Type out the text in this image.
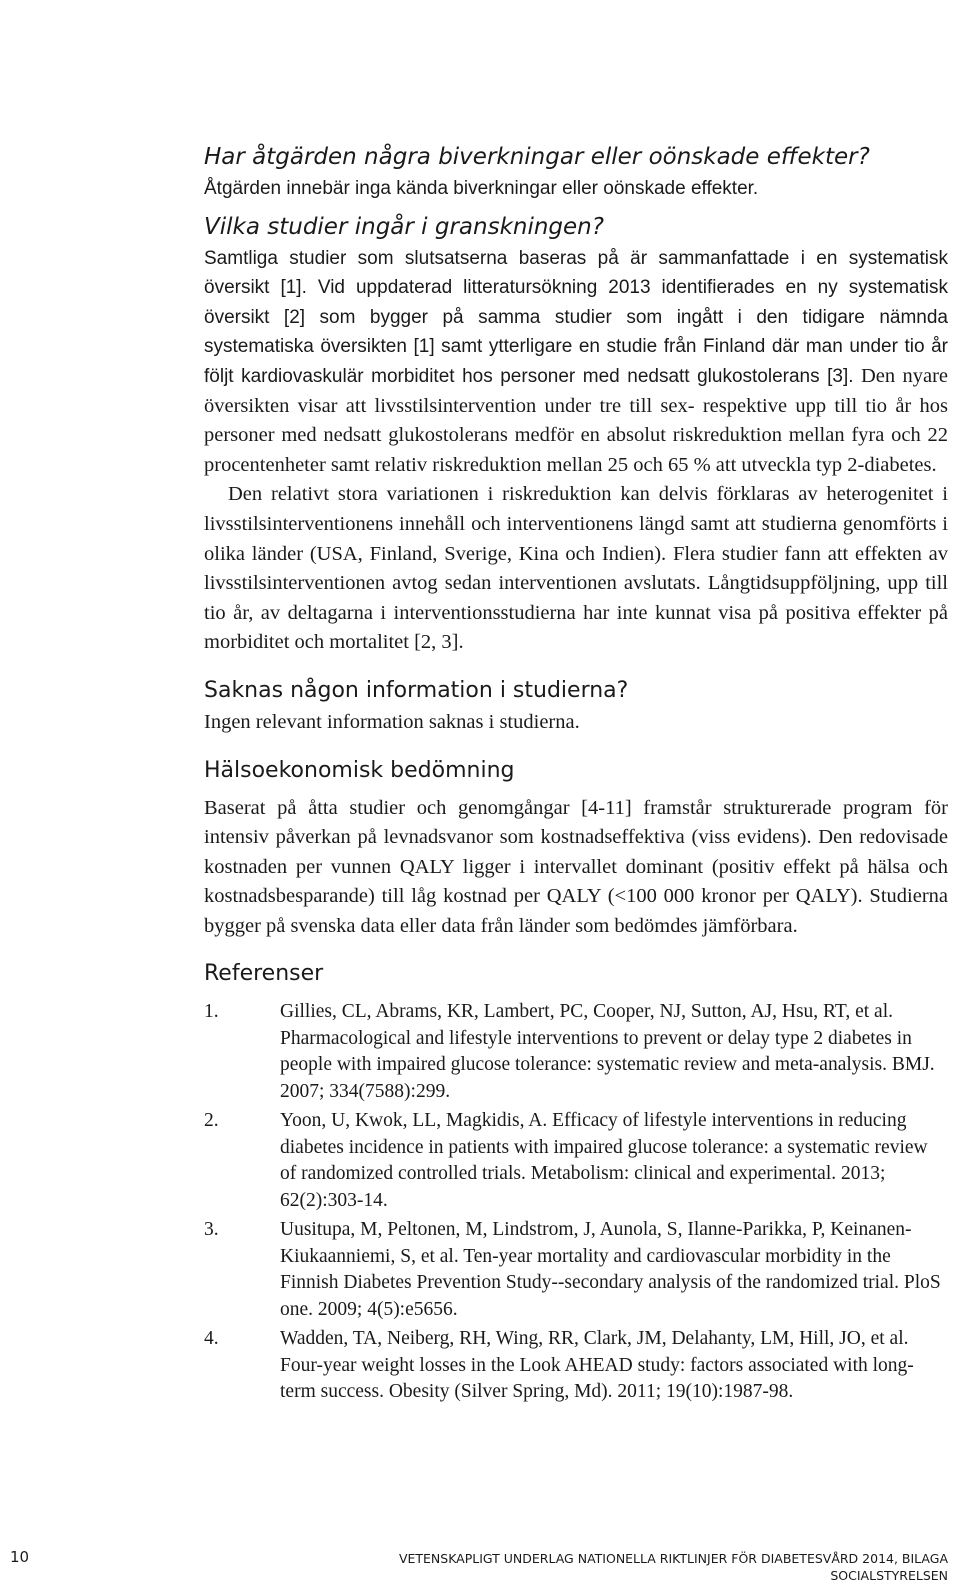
Har åtgärden några biverkningar eller oönskade effekter?

Åtgärden innebär inga kända biverkningar eller oönskade effekter.

Vilka studier ingår i granskningen?

Samtliga studier som slutsatserna baseras på är sammanfattade i en systematisk översikt [1]. Vid uppdaterad litteratursökning 2013 identifierades en ny systematisk översikt [2] som bygger på samma studier som ingått i den tidigare nämnda systematiska översikten [1] samt ytterligare en studie från Finland där man under tio år följt kardiovaskulär morbiditet hos personer med nedsatt glukostolerans [3]. Den nyare översikten visar att livsstilsintervention under tre till sex- respektive upp till tio år hos personer med nedsatt glukostolerans medför en absolut riskreduktion mellan fyra och 22 procentenheter samt relativ riskreduktion mellan 25 och 65 % att utveckla typ 2-diabetes.

Den relativt stora variationen i riskreduktion kan delvis förklaras av heterogenitet i livsstilsinterventionens innehåll och interventionens längd samt att studierna genomförts i olika länder (USA, Finland, Sverige, Kina och Indien). Flera studier fann att effekten av livsstilsinterventionen avtog sedan interventionen avslutats. Långtidsuppföljning, upp till tio år, av deltagarna i interventionsstudierna har inte kunnat visa på positiva effekter på morbiditet och mortalitet [2, 3].

Saknas någon information i studierna?

Ingen relevant information saknas i studierna.

Hälsoekonomisk bedömning

Baserat på åtta studier och genomgångar [4-11] framstår strukturerade program för intensiv påverkan på levnadsvanor som kostnadseffektiva (viss evidens). Den redovisade kostnaden per vunnen QALY ligger i intervallet dominant (positiv effekt på hälsa och kostnadsbesparande) till låg kostnad per QALY (<100 000 kronor per QALY). Studierna bygger på svenska data eller data från länder som bedömdes jämförbara.

Referenser
1.	Gillies, CL, Abrams, KR, Lambert, PC, Cooper, NJ, Sutton, AJ, Hsu, RT, et al. Pharmacological and lifestyle interventions to prevent or delay type 2 diabetes in people with impaired glucose tolerance: systematic review and meta-analysis. BMJ. 2007; 334(7588):299.
2.	Yoon, U, Kwok, LL, Magkidis, A. Efficacy of lifestyle interventions in reducing diabetes incidence in patients with impaired glucose tolerance: a systematic review of randomized controlled trials. Metabolism: clinical and experimental. 2013; 62(2):303-14.
3.	Uusitupa, M, Peltonen, M, Lindstrom, J, Aunola, S, Ilanne-Parikka, P, Keinanen-Kiukaanniemi, S, et al. Ten-year mortality and cardiovascular morbidity in the Finnish Diabetes Prevention Study--secondary analysis of the randomized trial. PloS one. 2009; 4(5):e5656.
4.	Wadden, TA, Neiberg, RH, Wing, RR, Clark, JM, Delahanty, LM, Hill, JO, et al. Four-year weight losses in the Look AHEAD study: factors associated with long-term success. Obesity (Silver Spring, Md). 2011; 19(10):1987-98.
10	VETENSKAPLIGT UNDERLAG NATIONELLA RIKTLINJER FÖR DIABETESVÅRD 2014, BILAGA SOCIALSTYRELSEN
